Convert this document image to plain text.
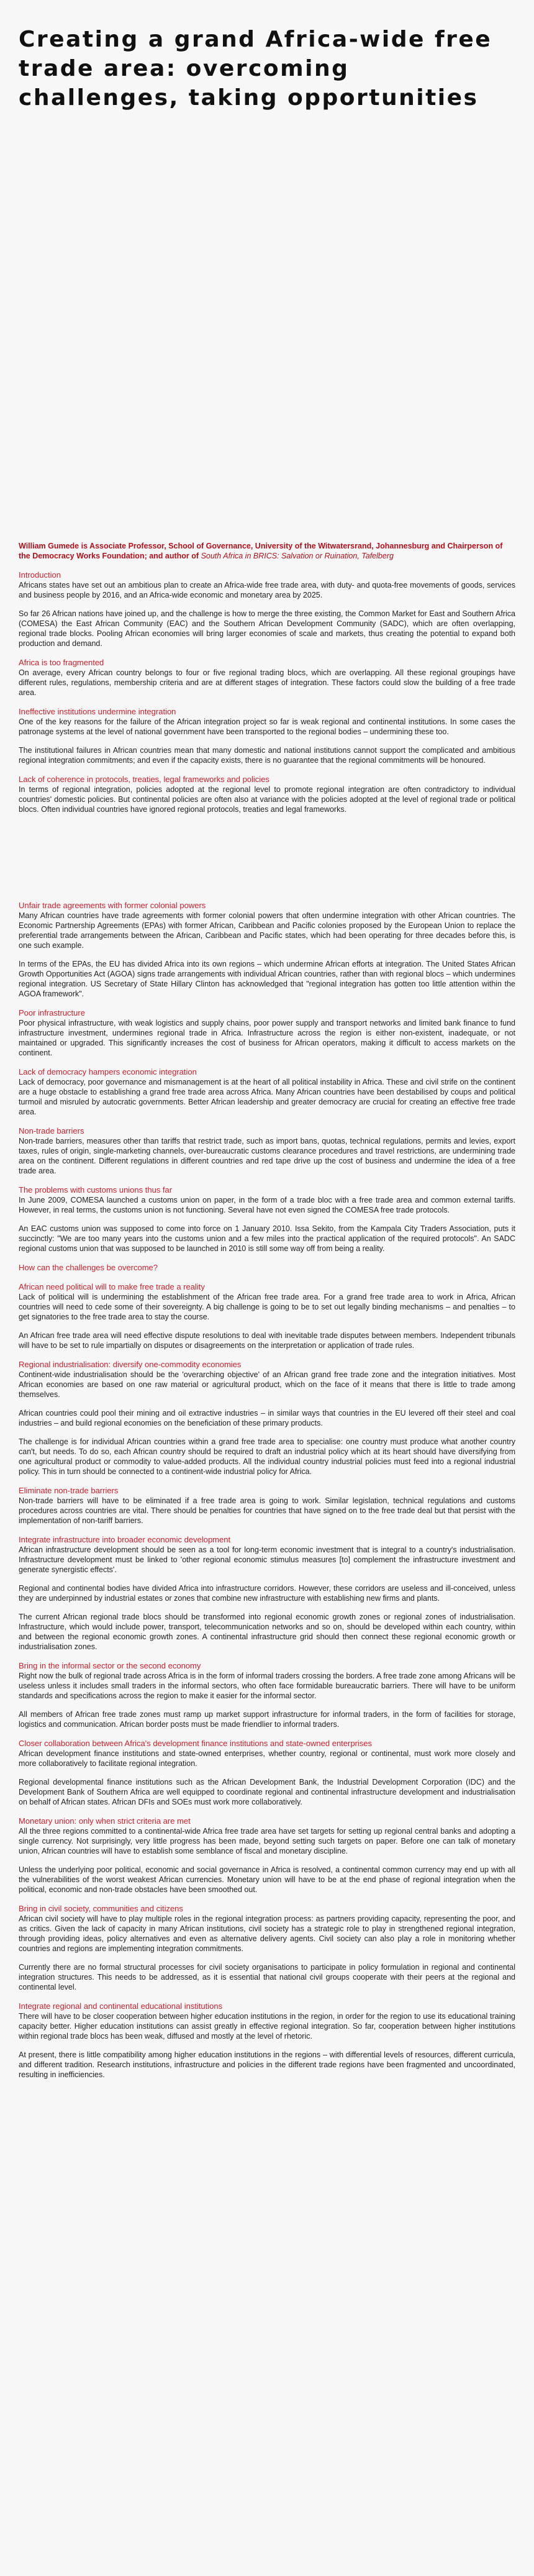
Creating a grand Africa-wide free trade area: overcoming challenges, taking opportunities
William Gumede is Associate Professor, School of Governance, University of the Witwatersrand, Johannesburg and Chairperson of the Democracy Works Foundation; and author of South Africa in BRICS: Salvation or Ruination, Tafelberg
Introduction

Africans states have set out an ambitious plan to create an Africa-wide free trade area, with duty- and quota-free movements of goods, services and business people by 2016, and an Africa-wide economic and monetary area by 2025.

So far 26 African nations have joined up, and the challenge is how to merge the three existing, the Common Market for East and Southern Africa (COMESA) the East African Community (EAC) and the Southern African Development Community (SADC), which are often overlapping, regional trade blocks. Pooling African economies will bring larger economies of scale and markets, thus creating the potential to expand both production and demand.

Africa is too fragmented

On average, every African country belongs to four or five regional trading blocs, which are overlapping. All these regional groupings have different rules, regulations, membership criteria and are at different stages of integration. These factors could slow the building of a free trade area.

Ineffective institutions undermine integration

One of the key reasons for the failure of the African integration project so far is weak regional and continental institutions. In some cases the patronage systems at the level of national government have been transported to the regional bodies – undermining these too.

The institutional failures in African countries mean that many domestic and national institutions cannot support the complicated and ambitious regional integration commitments; and even if the capacity exists, there is no guarantee that the regional commitments will be honoured.

Lack of coherence in protocols, treaties, legal frameworks and policies

In terms of regional integration, policies adopted at the regional level to promote regional integration are often contradictory to individual countries' domestic policies. But continental policies are often also at variance with the policies adopted at the level of regional trade or political blocs. Often individual countries have ignored regional protocols, treaties and legal frameworks.

Unfair trade agreements with former colonial powers

Many African countries have trade agreements with former colonial powers that often undermine integration with other African countries. The Economic Partnership Agreements (EPAs) with former African, Caribbean and Pacific colonies proposed by the European Union to replace the preferential trade arrangements between the African, Caribbean and Pacific states, which had been operating for three decades before this, is one such example.

In terms of the EPAs, the EU has divided Africa into its own regions – which undermine African efforts at integration. The United States African Growth Opportunities Act (AGOA) signs trade arrangements with individual African countries, rather than with regional blocs – which undermines regional integration. US Secretary of State Hillary Clinton has acknowledged that "regional integration has gotten too little attention within the AGOA framework".

Poor infrastructure

Poor physical infrastructure, with weak logistics and supply chains, poor power supply and transport networks and limited bank finance to fund infrastructure investment, undermines regional trade in Africa. Infrastructure across the region is either non-existent, inadequate, or not maintained or upgraded. This significantly increases the cost of business for African operators, making it difficult to access markets on the continent.

Lack of democracy hampers economic integration

Lack of democracy, poor governance and mismanagement is at the heart of all political instability in Africa. These and civil strife on the continent are a huge obstacle to establishing a grand free trade area across Africa. Many African countries have been destabilised by coups and political turmoil and misruled by autocratic governments. Better African leadership and greater democracy are crucial for creating an effective free trade area.

Non-trade barriers

Non-trade barriers, measures other than tariffs that restrict trade, such as import bans, quotas, technical regulations, permits and levies, export taxes, rules of origin, single-marketing channels, over-bureaucratic customs clearance procedures and travel restrictions, are undermining trade area on the continent. Different regulations in different countries and red tape drive up the cost of business and undermine the idea of a free trade area.

The problems with customs unions thus far

In June 2009, COMESA launched a customs union on paper, in the form of a trade bloc with a free trade area and common external tariffs. However, in real terms, the customs union is not functioning. Several have not even signed the COMESA free trade protocols.

An EAC customs union was supposed to come into force on 1 January 2010. Issa Sekito, from the Kampala City Traders Association, puts it succinctly: "We are too many years into the customs union and a few miles into the practical application of the required protocols". An SADC regional customs union that was supposed to be launched in 2010 is still some way off from being a reality.

How can the challenges be overcome?
African need political will to make free trade a reality

Lack of political will is undermining the establishment of the African free trade area. For a grand free trade area to work in Africa, African countries will need to cede some of their sovereignty. A big challenge is going to be to set out legally binding mechanisms – and penalties – to get signatories to the free trade area to stay the course.

An African free trade area will need effective dispute resolutions to deal with inevitable trade disputes between members. Independent tribunals will have to be set to rule impartially on disputes or disagreements on the interpretation or application of trade rules.

Regional industrialisation: diversify one-commodity economies

Continent-wide industrialisation should be the 'overarching objective' of an African grand free trade zone and the integration initiatives. Most African economies are based on one raw material or agricultural product, which on the face of it means that there is little to trade among themselves.

African countries could pool their mining and oil extractive industries – in similar ways that countries in the EU levered off their steel and coal industries – and build regional economies on the beneficiation of these primary products.

The challenge is for individual African countries within a grand free trade area to specialise: one country must produce what another country can't, but needs. To do so, each African country should be required to draft an industrial policy which at its heart should have diversifying from one agricultural product or commodity to value-added products. All the individual country industrial policies must feed into a regional industrial policy. This in turn should be connected to a continent-wide industrial policy for Africa.

Eliminate non-trade barriers

Non-trade barriers will have to be eliminated if a free trade area is going to work. Similar legislation, technical regulations and customs procedures across countries are vital. There should be penalties for countries that have signed on to the free trade deal but that persist with the implementation of non-tariff barriers.

Integrate infrastructure into broader economic development

African infrastructure development should be seen as a tool for long-term economic investment that is integral to a country's industrialisation. Infrastructure development must be linked to 'other regional economic stimulus measures [to] complement the infrastructure investment and generate synergistic effects'.

Regional and continental bodies have divided Africa into infrastructure corridors. However, these corridors are useless and ill-conceived, unless they are underpinned by industrial estates or zones that combine new infrastructure with establishing new firms and plants.

The current African regional trade blocs should be transformed into regional economic growth zones or regional zones of industrialisation. Infrastructure, which would include power, transport, telecommunication networks and so on, should be developed within each country, within and between the regional economic growth zones. A continental infrastructure grid should then connect these regional economic growth or industrialisation zones.

Bring in the informal sector or the second economy

Right now the bulk of regional trade across Africa is in the form of informal traders crossing the borders. A free trade zone among Africans will be useless unless it includes small traders in the informal sectors, who often face formidable bureaucratic barriers. There will have to be uniform standards and specifications across the region to make it easier for the informal sector.

All members of African free trade zones must ramp up market support infrastructure for informal traders, in the form of facilities for storage, logistics and communication. African border posts must be made friendlier to informal traders.

Closer collaboration between Africa's development finance institutions and state-owned enterprises

African development finance institutions and state-owned enterprises, whether country, regional or continental, must work more closely and more collaboratively to facilitate regional integration.

Regional developmental finance institutions such as the African Development Bank, the Industrial Development Corporation (IDC) and the Development Bank of Southern Africa are well equipped to coordinate regional and continental infrastructure development and industrialisation on behalf of African states. African DFIs and SOEs must work more collaboratively.

Monetary union: only when strict criteria are met

All the three regions committed to a continental-wide Africa free trade area have set targets for setting up regional central banks and adopting a single currency. Not surprisingly, very little progress has been made, beyond setting such targets on paper. Before one can talk of monetary union, African countries will have to establish some semblance of fiscal and monetary discipline.

Unless the underlying poor political, economic and social governance in Africa is resolved, a continental common currency may end up with all the vulnerabilities of the worst weakest African currencies. Monetary union will have to be at the end phase of regional integration when the political, economic and non-trade obstacles have been smoothed out.

Bring in civil society, communities and citizens

African civil society will have to play multiple roles in the regional integration process: as partners providing capacity, representing the poor, and as critics. Given the lack of capacity in many African institutions, civil society has a strategic role to play in strengthened regional integration, through providing ideas, policy alternatives and even as alternative delivery agents. Civil society can also play a role in monitoring whether countries and regions are implementing integration commitments.

Currently there are no formal structural processes for civil society organisations to participate in policy formulation in regional and continental integration structures. This needs to be addressed, as it is essential that national civil groups cooperate with their peers at the regional and continental level.

Integrate regional and continental educational institutions

There will have to be closer cooperation between higher education institutions in the region, in order for the region to use its educational training capacity better. Higher education institutions can assist greatly in effective regional integration. So far, cooperation between higher institutions within regional trade blocs has been weak, diffused and mostly at the level of rhetoric.

At present, there is little compatibility among higher education institutions in the regions – with differential levels of resources, different curricula, and different tradition. Research institutions, infrastructure and policies in the different trade regions have been fragmented and uncoordinated, resulting in inefficiencies.
